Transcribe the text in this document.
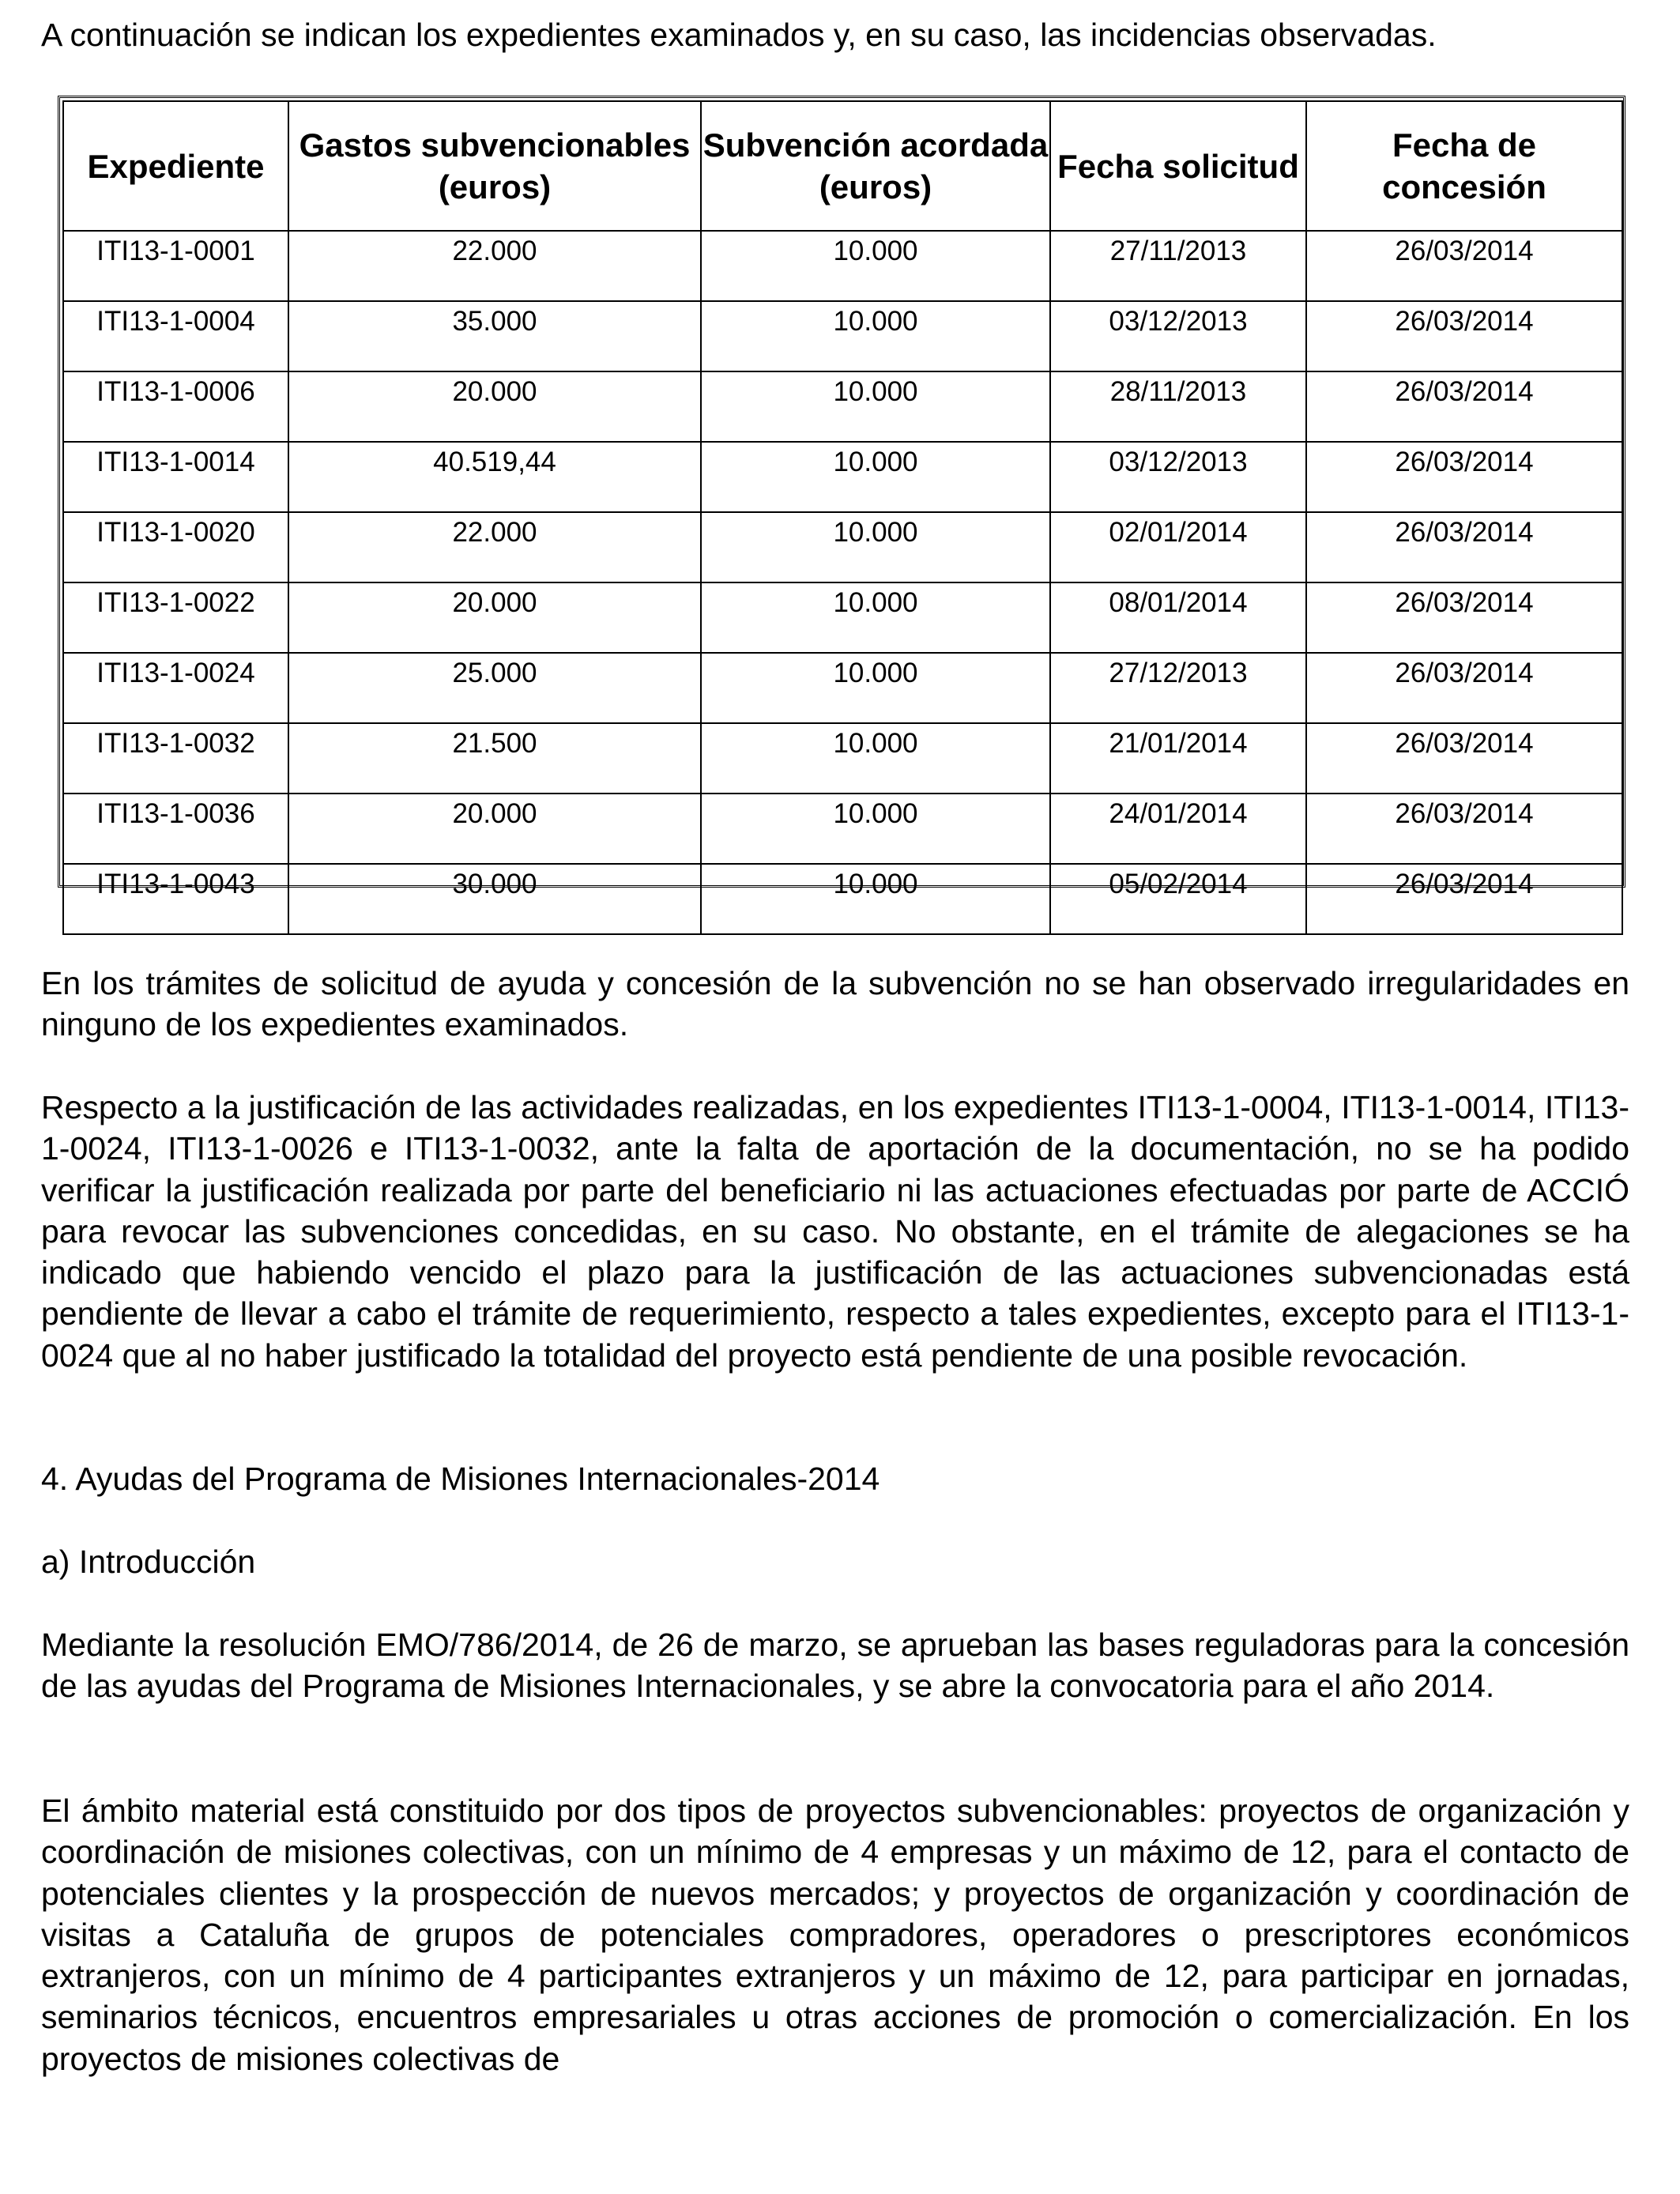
A continuación se indican los expedientes examinados y, en su caso, las incidencias observadas.

Expediente	Gastos subvencionables (euros)	Subvención acordada (euros)	Fecha solicitud	Fecha de concesión
ITI13-1-0001	22.000	10.000	27/11/2013	26/03/2014
ITI13-1-0004	35.000	10.000	03/12/2013	26/03/2014
ITI13-1-0006	20.000	10.000	28/11/2013	26/03/2014
ITI13-1-0014	40.519,44	10.000	03/12/2013	26/03/2014
ITI13-1-0020	22.000	10.000	02/01/2014	26/03/2014
ITI13-1-0022	20.000	10.000	08/01/2014	26/03/2014
ITI13-1-0024	25.000	10.000	27/12/2013	26/03/2014
ITI13-1-0032	21.500	10.000	21/01/2014	26/03/2014
ITI13-1-0036	20.000	10.000	24/01/2014	26/03/2014
ITI13-1-0043	30.000	10.000	05/02/2014	26/03/2014

En los trámites de solicitud de ayuda y concesión de la subvención no se han observado irregularidades en ninguno de los expedientes examinados.

Respecto a la justificación de las actividades realizadas, en los expedientes ITI13-1-0004, ITI13-1-0014, ITI13-1-0024, ITI13-1-0026 e ITI13-1-0032, ante la falta de aportación de la documentación, no se ha podido verificar la justificación realizada por parte del beneficiario ni las actuaciones efectuadas por parte de ACCIÓ para revocar las subvenciones concedidas, en su caso. No obstante, en el trámite de alegaciones se ha indicado que habiendo vencido el plazo para la justificación de las actuaciones subvencionadas está pendiente de llevar a cabo el trámite de requerimiento, respecto a tales expedientes, excepto para el ITI13-1-0024 que al no haber justificado la totalidad del proyecto está pendiente de una posible revocación.

4. Ayudas del Programa de Misiones Internacionales-2014

a) Introducción

Mediante la resolución EMO/786/2014, de 26 de marzo, se aprueban las bases reguladoras para la concesión de las ayudas del Programa de Misiones Internacionales, y se abre la convocatoria para el año 2014.

El ámbito material está constituido por dos tipos de proyectos subvencionables: proyectos de organización y coordinación de misiones colectivas, con un mínimo de 4 empresas y un máximo de 12, para el contacto de potenciales clientes y la prospección de nuevos mercados; y proyectos de organización y coordinación de visitas a Cataluña de grupos de potenciales compradores, operadores o prescriptores económicos extranjeros, con un mínimo de 4 participantes extranjeros y un máximo de 12, para participar en jornadas, seminarios técnicos, encuentros empresariales u otras acciones de promoción o comercialización. En los proyectos de misiones colectivas de
